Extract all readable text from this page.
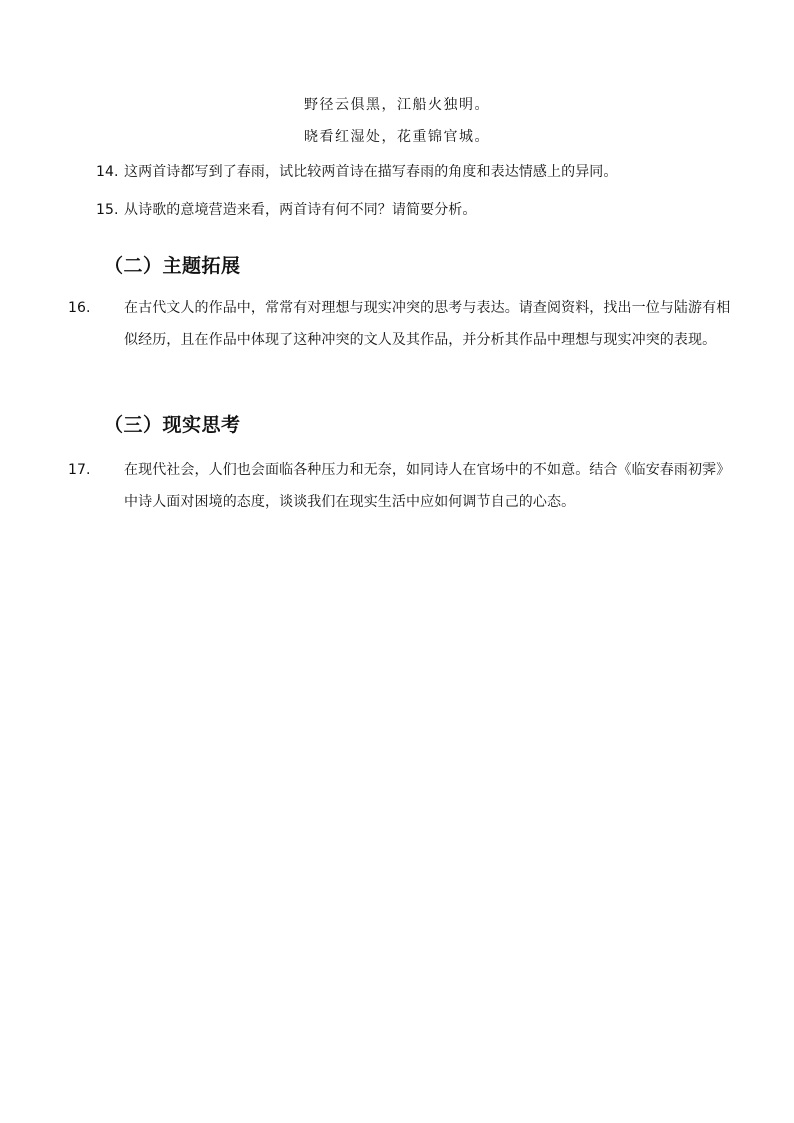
野径云俱黑，江船火独明。
晓看红湿处，花重锦官城。
14. 这两首诗都写到了春雨，试比较两首诗在描写春雨的角度和表达情感上的异同。
15. 从诗歌的意境营造来看，两首诗有何不同？请简要分析。
（二）主题拓展
16. 在古代文人的作品中，常常有对理想与现实冲突的思考与表达。请查阅资料，找出一位与陆游有相似经历，且在作品中体现了这种冲突的文人及其作品，并分析其作品中理想与现实冲突的表现。
（三）现实思考
17. 在现代社会，人们也会面临各种压力和无奈，如同诗人在官场中的不如意。结合《临安春雨初霁》中诗人面对困境的态度，谈谈我们在现实生活中应如何调节自己的心态。
